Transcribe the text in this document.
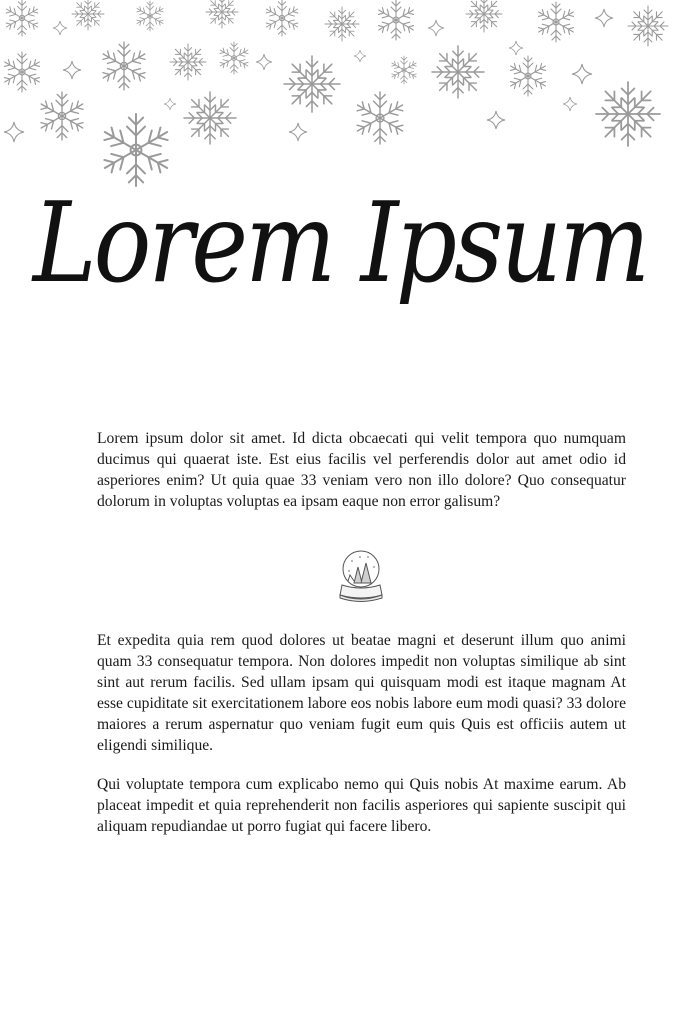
Lorem Ipsum

Lorem ipsum dolor sit amet. Id dicta obcaecati qui velit tempora quo numquam ducimus qui quaerat iste. Est eius facilis vel perferendis dolor aut amet odio id asperiores enim? Ut quia quae 33 veniam vero non illo dolore? Quo consequatur dolorum in voluptas voluptas ea ipsam eaque non error galisum?

Et expedita quia rem quod dolores ut beatae magni et deserunt illum quo animi quam 33 consequatur tempora. Non dolores impedit non voluptas similique ab sint sint aut rerum facilis. Sed ullam ipsam qui quisquam modi est itaque magnam At esse cupiditate sit exercitationem labore eos nobis labore eum modi quasi? 33 dolore maiores a rerum aspernatur quo veniam fugit eum quis Quis est officiis autem ut eligendi similique.

Qui voluptate tempora cum explicabo nemo qui Quis nobis At maxime earum. Ab placeat impedit et quia reprehenderit non facilis asperiores qui sapiente suscipit qui aliquam repudiandae ut porro fugiat qui facere libero.
